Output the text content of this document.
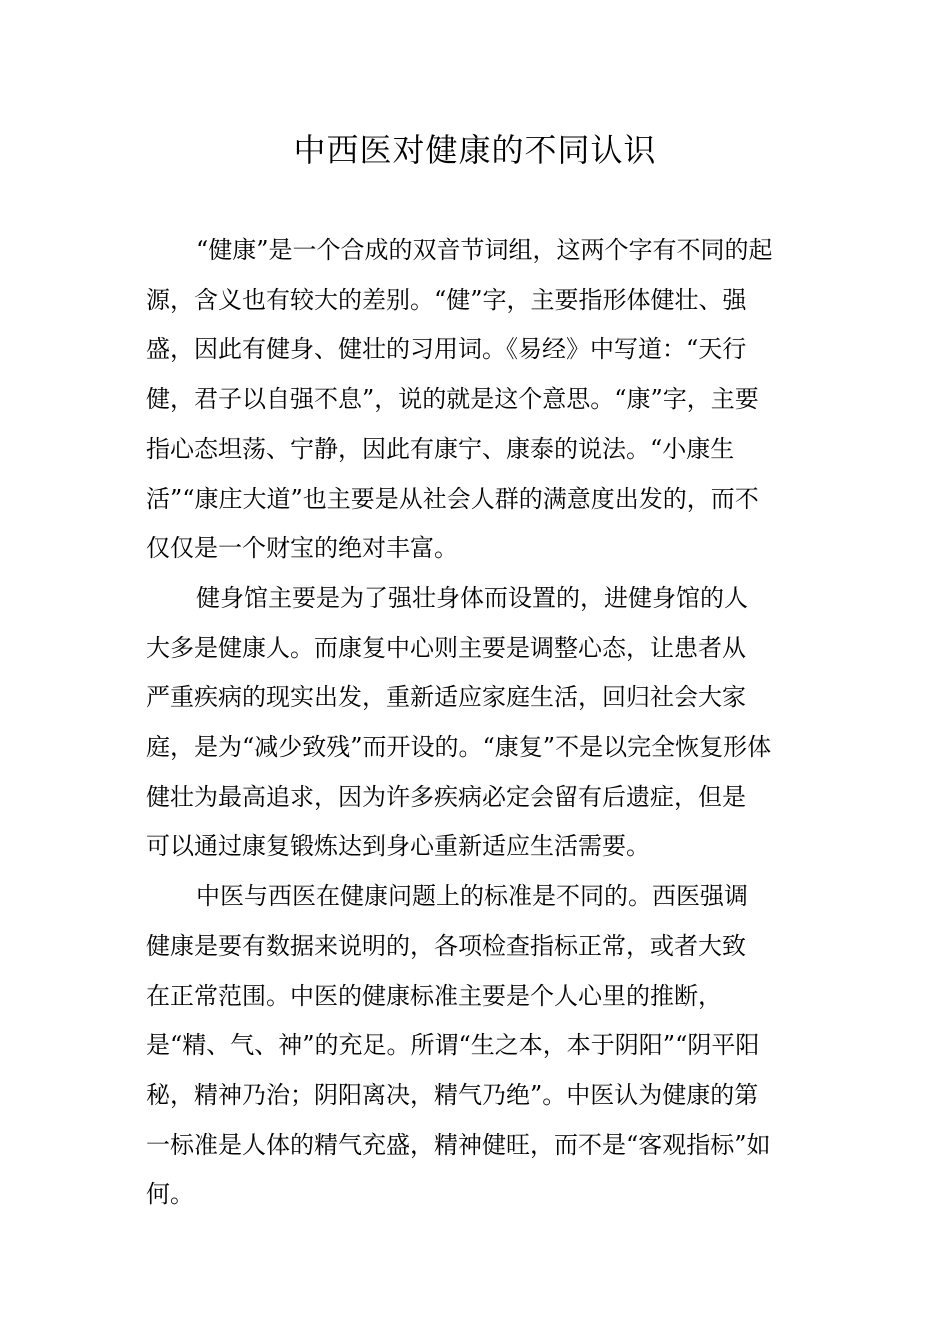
中西医对健康的不同认识
“健康”是一个合成的双音节词组，这两个字有不同的起
源，含义也有较大的差别。“健”字，主要指形体健壮、强
盛，因此有健身、健壮的习用词。《易经》中写道：“天行
健，君子以自强不息”，说的就是这个意思。“康”字，主要
指心态坦荡、宁静，因此有康宁、康泰的说法。“小康生
活”“康庄大道”也主要是从社会人群的满意度出发的，而不
仅仅是一个财宝的绝对丰富。
健身馆主要是为了强壮身体而设置的，进健身馆的人
大多是健康人。而康复中心则主要是调整心态，让患者从
严重疾病的现实出发，重新适应家庭生活，回归社会大家
庭，是为“减少致残”而开设的。“康复”不是以完全恢复形体
健壮为最高追求，因为许多疾病必定会留有后遗症，但是
可以通过康复锻炼达到身心重新适应生活需要。
中医与西医在健康问题上的标准是不同的。西医强调
健康是要有数据来说明的，各项检查指标正常，或者大致
在正常范围。中医的健康标准主要是个人心里的推断，
是“精、气、神”的充足。所谓“生之本，本于阴阳”“阴平阳
秘，精神乃治；阴阳离决，精气乃绝”。中医认为健康的第
一标准是人体的精气充盛，精神健旺，而不是“客观指标”如
何。
